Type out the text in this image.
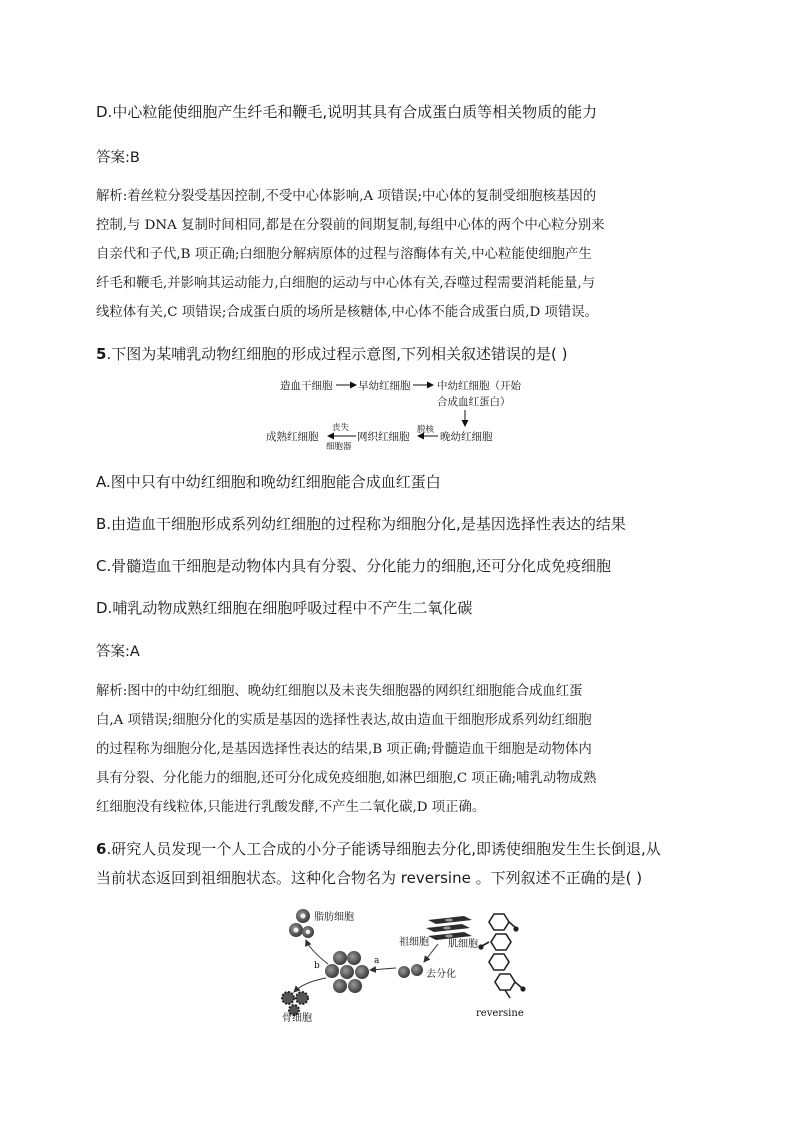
D.中心粒能使细胞产生纤毛和鞭毛,说明其具有合成蛋白质等相关物质的能力
答案:B
解析:着丝粒分裂受基因控制,不受中心体影响,A 项错误;中心体的复制受细胞核基因的
控制,与 DNA 复制时间相同,都是在分裂前的间期复制,每组中心体的两个中心粒分别来
自亲代和子代,B 项正确;白细胞分解病原体的过程与溶酶体有关,中心粒能使细胞产生
纤毛和鞭毛,并影响其运动能力,白细胞的运动与中心体有关,吞噬过程需要消耗能量,与
线粒体有关,C 项错误;合成蛋白质的场所是核糖体,中心体不能合成蛋白质,D 项错误。
5.下图为某哺乳动物红细胞的形成过程示意图,下列相关叙述错误的是( )
造血干细胞 早幼红细胞	中幼红细胞（开始
合成血红蛋白）
晚幼红细胞
脱核
网织红细胞
丧失
细胞器
成熟红细胞
A.图中只有中幼红细胞和晚幼红细胞能合成血红蛋白
B.由造血干细胞形成系列幼红细胞的过程称为细胞分化,是基因选择性表达的结果
C.骨髓造血干细胞是动物体内具有分裂、分化能力的细胞,还可分化成免疫细胞
D.哺乳动物成熟红细胞在细胞呼吸过程中不产生二氧化碳
答案:A
解析:图中的中幼红细胞、晚幼红细胞以及未丧失细胞器的网织红细胞能合成血红蛋
白,A 项错误;细胞分化的实质是基因的选择性表达,故由造血干细胞形成系列幼红细胞
的过程称为细胞分化,是基因选择性表达的结果,B 项正确;骨髓造血干细胞是动物体内
具有分裂、分化能力的细胞,还可分化成免疫细胞,如淋巴细胞,C 项正确;哺乳动物成熟
红细胞没有线粒体,只能进行乳酸发酵,不产生二氧化碳,D 项正确。
6.研究人员发现一个人工合成的小分子能诱导细胞去分化,即诱使细胞发生生长倒退,从
当前状态返回到祖细胞状态。这种化合物名为 reversine 。下列叙述不正确的是( )
脂肪细胞
b
骨细胞
a
祖细胞 肌细胞
去分化
reversine
